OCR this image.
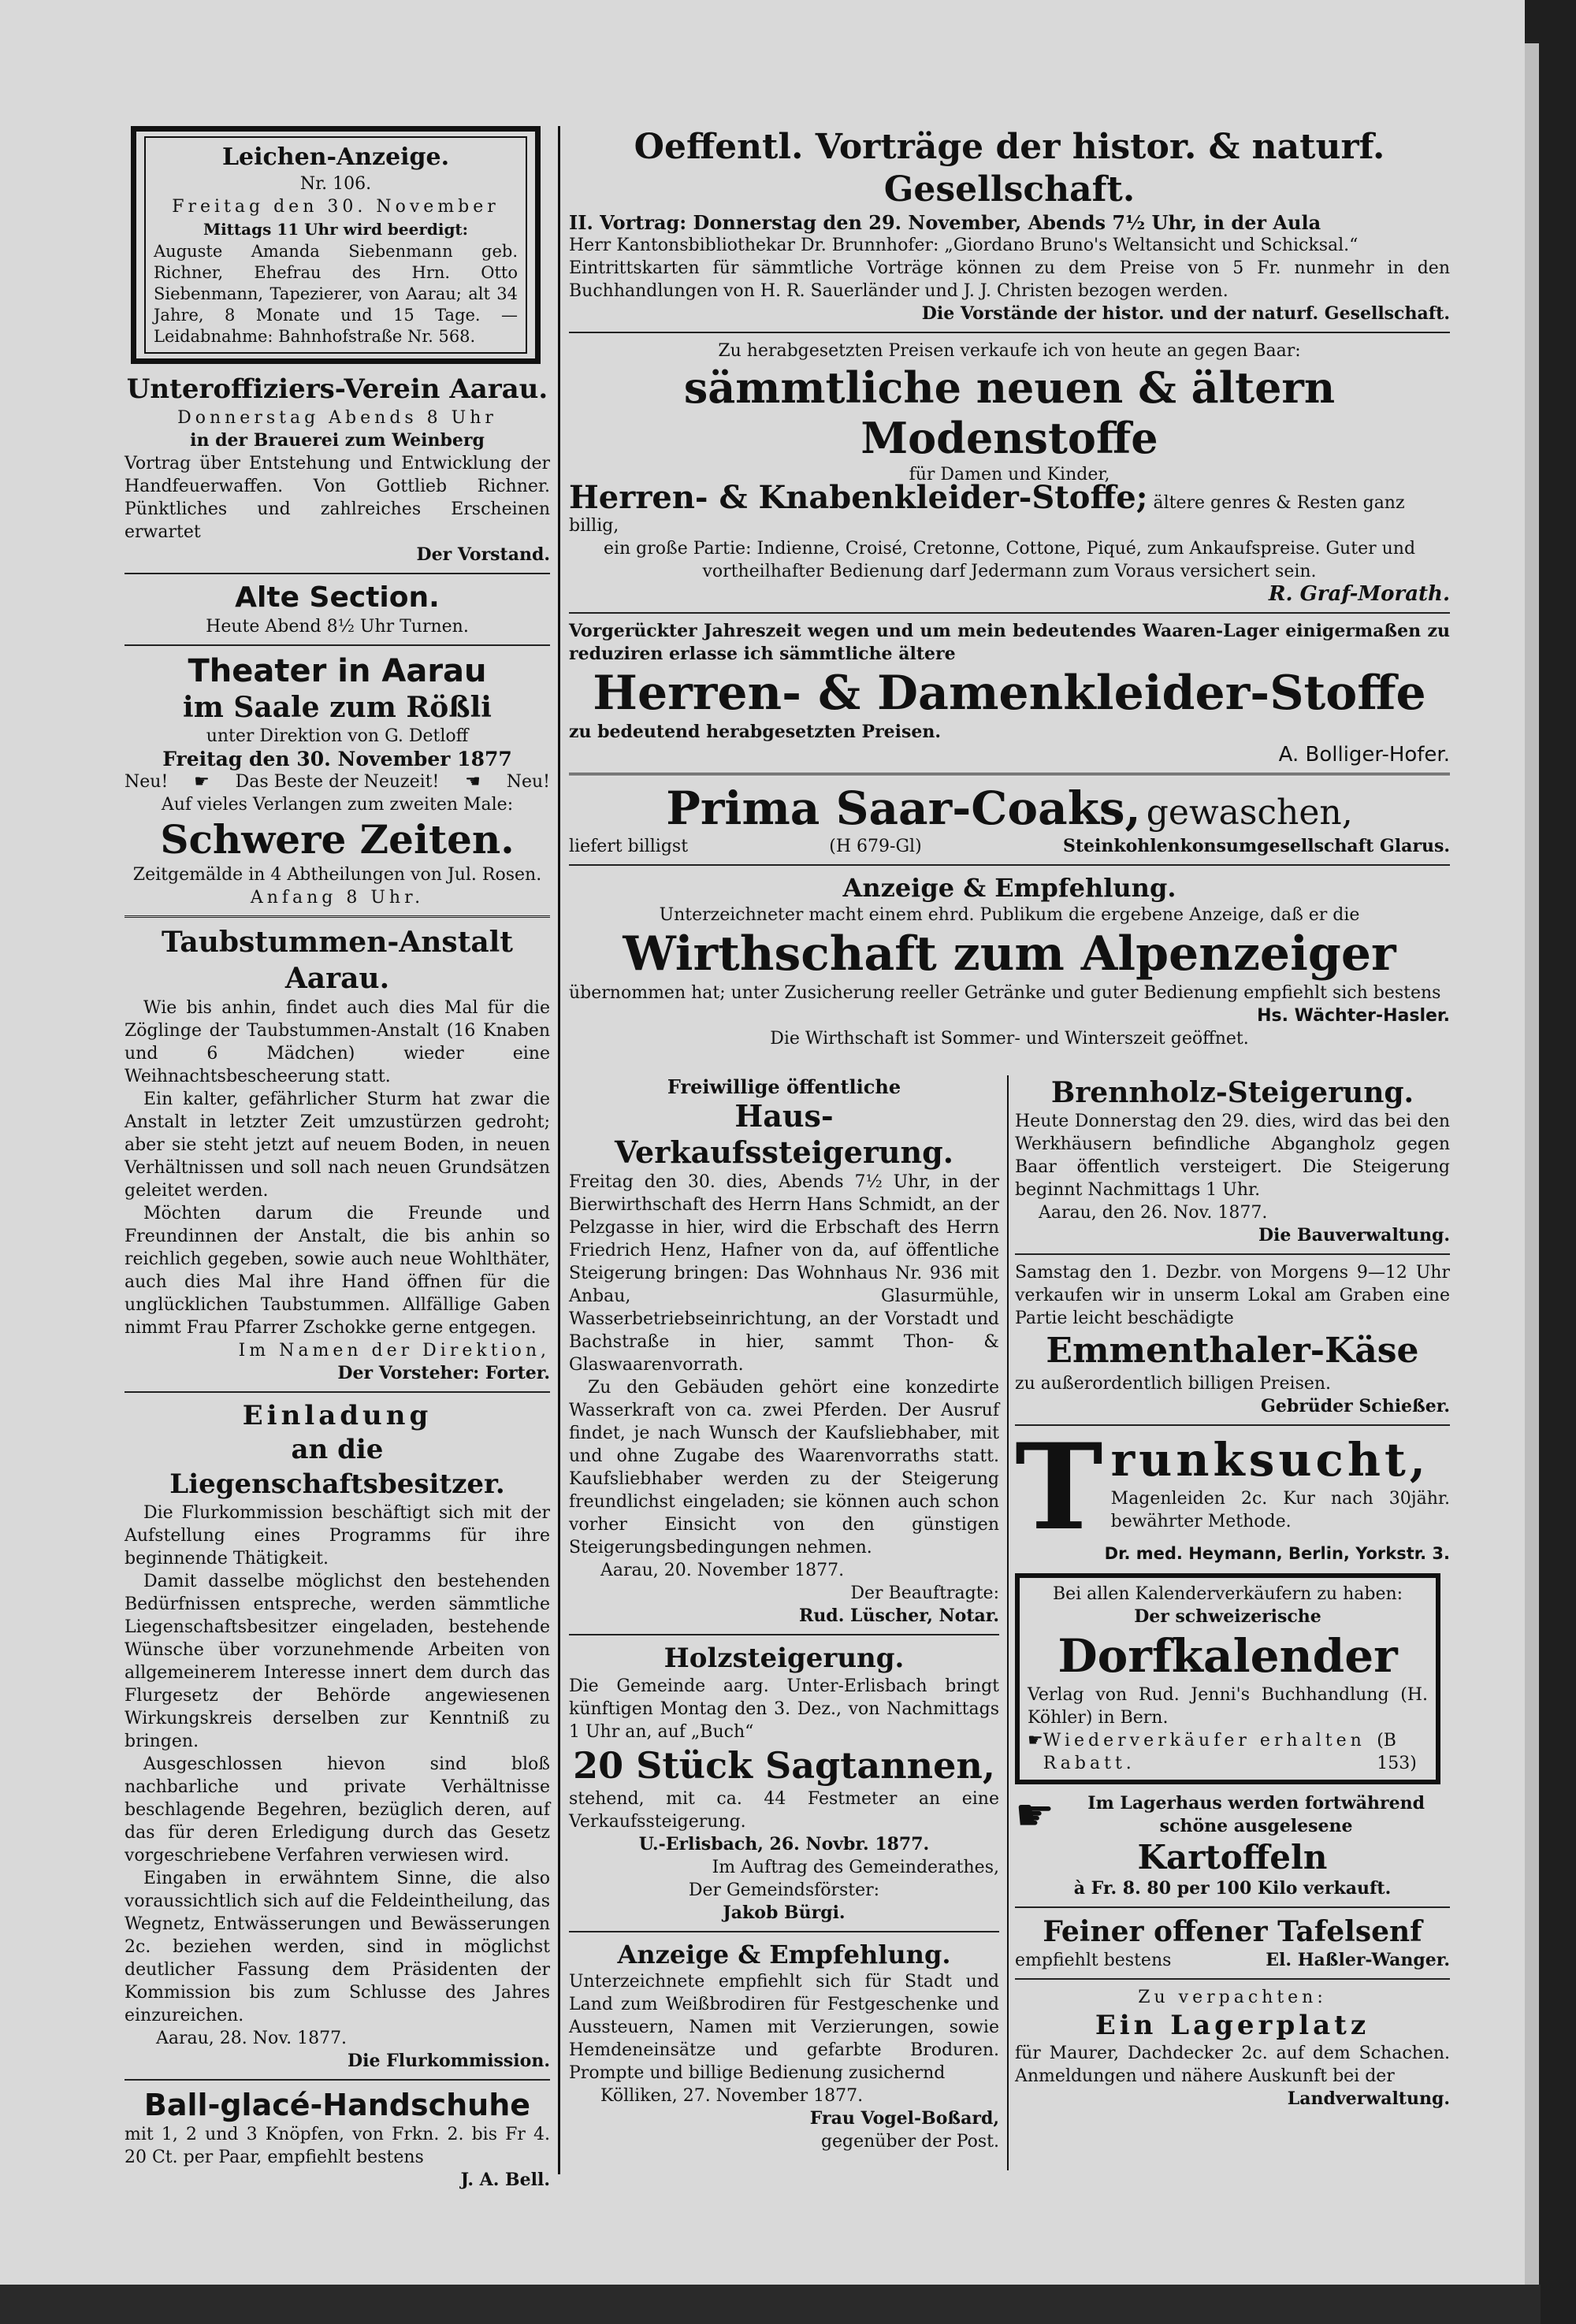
Leichen-Anzeige.
Nr. 106.
Freitag den 30. November
Mittags 11 Uhr wird beerdigt:
Auguste Amanda Siebenmann geb. Richner, Ehefrau des Hrn. Otto Siebenmann, Tapezierer, von Aarau; alt 34 Jahre, 8 Monate und 15 Tage. — Leidabnahme: Bahnhofstraße Nr. 568.
Unteroffiziers-Verein Aarau.
Donnerstag Abends 8 Uhr
in der Brauerei zum Weinberg
Vortrag über Entstehung und Entwicklung der Handfeuerwaffen. Von Gottlieb Richner. Pünktliches und zahlreiches Erscheinen erwartet
Der Vorstand.
Alte Section.
Heute Abend 8½ Uhr Turnen.
Theater in Aarau
im Saale zum Rößli
unter Direktion von G. Detloff
Freitag den 30. November 1877
Neu! ☛ Das Beste der Neuzeit! ☚ Neu!
Auf vieles Verlangen zum zweiten Male:
Schwere Zeiten.
Zeitgemälde in 4 Abtheilungen von Jul. Rosen.
Anfang 8 Uhr.
Taubstummen-Anstalt Aarau.
Wie bis anhin, findet auch dies Mal für die Zöglinge der Taubstummen-Anstalt (16 Knaben und 6 Mädchen) wieder eine Weihnachtsbescheerung statt.
Ein kalter, gefährlicher Sturm hat zwar die Anstalt in letzter Zeit umzustürzen gedroht; aber sie steht jetzt auf neuem Boden, in neuen Verhältnissen und soll nach neuen Grundsätzen geleitet werden.
Möchten darum die Freunde und Freundinnen der Anstalt, die bis anhin so reichlich gegeben, sowie auch neue Wohlthäter, auch dies Mal ihre Hand öffnen für die unglücklichen Taubstummen. Allfällige Gaben nimmt Frau Pfarrer Zschokke gerne entgegen.
Im Namen der Direktion,
Der Vorsteher: Forter.
Einladung
an die Liegenschaftsbesitzer.
Die Flurkommission beschäftigt sich mit der Aufstellung eines Programms für ihre beginnende Thätigkeit.
Damit dasselbe möglichst den bestehenden Bedürfnissen entspreche, werden sämmtliche Liegenschaftsbesitzer eingeladen, bestehende Wünsche über vorzunehmende Arbeiten von allgemeinerem Interesse innert dem durch das Flurgesetz der Behörde angewiesenen Wirkungskreis derselben zur Kenntniß zu bringen.
Ausgeschlossen hievon sind bloß nachbarliche und private Verhältnisse beschlagende Begehren, bezüglich deren, auf das für deren Erledigung durch das Gesetz vorgeschriebene Verfahren verwiesen wird.
Eingaben in erwähntem Sinne, die also voraussichtlich sich auf die Feldeintheilung, das Wegnetz, Entwässerungen und Bewässerungen 2c. beziehen werden, sind in möglichst deutlicher Fassung dem Präsidenten der Kommission bis zum Schlusse des Jahres einzureichen.
Aarau, 28. Nov. 1877.
Die Flurkommission.
Ball-glacé-Handschuhe
mit 1, 2 und 3 Knöpfen, von Frkn. 2. bis Fr 4. 20 Ct. per Paar, empfiehlt bestens
J. A. Bell.
Oeffentl. Vorträge der histor. & naturf. Gesellschaft.
II. Vortrag: Donnerstag den 29. November, Abends 7½ Uhr, in der Aula
Herr Kantonsbibliothekar Dr. Brunnhofer: „Giordano Bruno's Weltansicht und Schicksal.“
Eintrittskarten für sämmtliche Vorträge können zu dem Preise von 5 Fr. nunmehr in den Buchhandlungen von H. R. Sauerländer und J. J. Christen bezogen werden.
Die Vorstände der histor. und der naturf. Gesellschaft.
Zu herabgesetzten Preisen verkaufe ich von heute an gegen Baar:
sämmtliche neuen & ältern Modenstoffe
für Damen und Kinder,
Herren- & Knabenkleider-Stoffe; ältere genres & Resten ganz billig,
ein große Partie: Indienne, Croisé, Cretonne, Cottone, Piqué, zum Ankaufspreise. Guter und vortheilhafter Bedienung darf Jedermann zum Voraus versichert sein.
R. Graf-Morath.
Vorgerückter Jahreszeit wegen und um mein bedeutendes Waaren-Lager einigermaßen zu reduziren erlasse ich sämmtliche ältere
Herren- & Damenkleider-Stoffe
zu bedeutend herabgesetzten Preisen.
A. Bolliger-Hofer.
Prima Saar-Coaks, gewaschen,
liefert billigst	(H 679-Gl)	Steinkohlenkonsumgesellschaft Glarus.
Anzeige & Empfehlung.
Unterzeichneter macht einem ehrd. Publikum die ergebene Anzeige, daß er die
Wirthschaft zum Alpenzeiger
übernommen hat; unter Zusicherung reeller Getränke und guter Bedienung empfiehlt sich bestens
Hs. Wächter-Hasler.
Die Wirthschaft ist Sommer- und Winterszeit geöffnet.
Freiwillige öffentliche
Haus-Verkaufssteigerung.
Freitag den 30. dies, Abends 7½ Uhr, in der Bierwirthschaft des Herrn Hans Schmidt, an der Pelzgasse in hier, wird die Erbschaft des Herrn Friedrich Henz, Hafner von da, auf öffentliche Steigerung bringen: Das Wohnhaus Nr. 936 mit Anbau, Glasurmühle, Wasserbetriebseinrichtung, an der Vorstadt und Bachstraße in hier, sammt Thon- & Glaswaarenvorrath.
Zu den Gebäuden gehört eine konzedirte Wasserkraft von ca. zwei Pferden. Der Ausruf findet, je nach Wunsch der Kaufsliebhaber, mit und ohne Zugabe des Waarenvorraths statt. Kaufsliebhaber werden zu der Steigerung freundlichst eingeladen; sie können auch schon vorher Einsicht von den günstigen Steigerungsbedingungen nehmen.
Aarau, 20. November 1877.
Der Beauftragte:
Rud. Lüscher, Notar.
Holzsteigerung.
Die Gemeinde aarg. Unter-Erlisbach bringt künftigen Montag den 3. Dez., von Nachmittags 1 Uhr an, auf „Buch“
20 Stück Sagtannen,
stehend, mit ca. 44 Festmeter an eine Verkaufssteigerung.
U.-Erlisbach, 26. Novbr. 1877.
Im Auftrag des Gemeinderathes,
Der Gemeindsförster:
Jakob Bürgi.
Anzeige & Empfehlung.
Unterzeichnete empfiehlt sich für Stadt und Land zum Weißbrodiren für Festgeschenke und Aussteuern, Namen mit Verzierungen, sowie Hemdeneinsätze und gefarbte Broduren. Prompte und billige Bedienung zusichernd
Kölliken, 27. November 1877.
Frau Vogel-Boßard,
gegenüber der Post.
Brennholz-Steigerung.
Heute Donnerstag den 29. dies, wird das bei den Werkhäusern befindliche Abgangholz gegen Baar öffentlich versteigert. Die Steigerung beginnt Nachmittags 1 Uhr.
Aarau, den 26. Nov. 1877.
Die Bauverwaltung.
Samstag den 1. Dezbr. von Morgens 9—12 Uhr verkaufen wir in unserm Lokal am Graben eine Partie leicht beschädigte
Emmenthaler-Käse
zu außerordentlich billigen Preisen.
Gebrüder Schießer.
T runksucht,
Magenleiden 2c. Kur nach 30jähr. bewährter Methode.
Dr. med. Heymann, Berlin, Yorkstr. 3.
Bei allen Kalenderverkäufern zu haben:
Der schweizerische
Dorfkalender
Verlag von Rud. Jenni's Buchhandlung (H. Köhler) in Bern.
☛ Wiederverkäufer erhalten Rabatt.
(B 153)
☛	Im Lagerhaus werden fortwährend schöne ausgelesene
Kartoffeln
à Fr. 8. 80 per 100 Kilo verkauft.
Feiner offener Tafelsenf
empfiehlt bestens	El. Haßler-Wanger.
Zu verpachten:
Ein Lagerplatz
für Maurer, Dachdecker 2c. auf dem Schachen. Anmeldungen und nähere Auskunft bei der
Landverwaltung.
